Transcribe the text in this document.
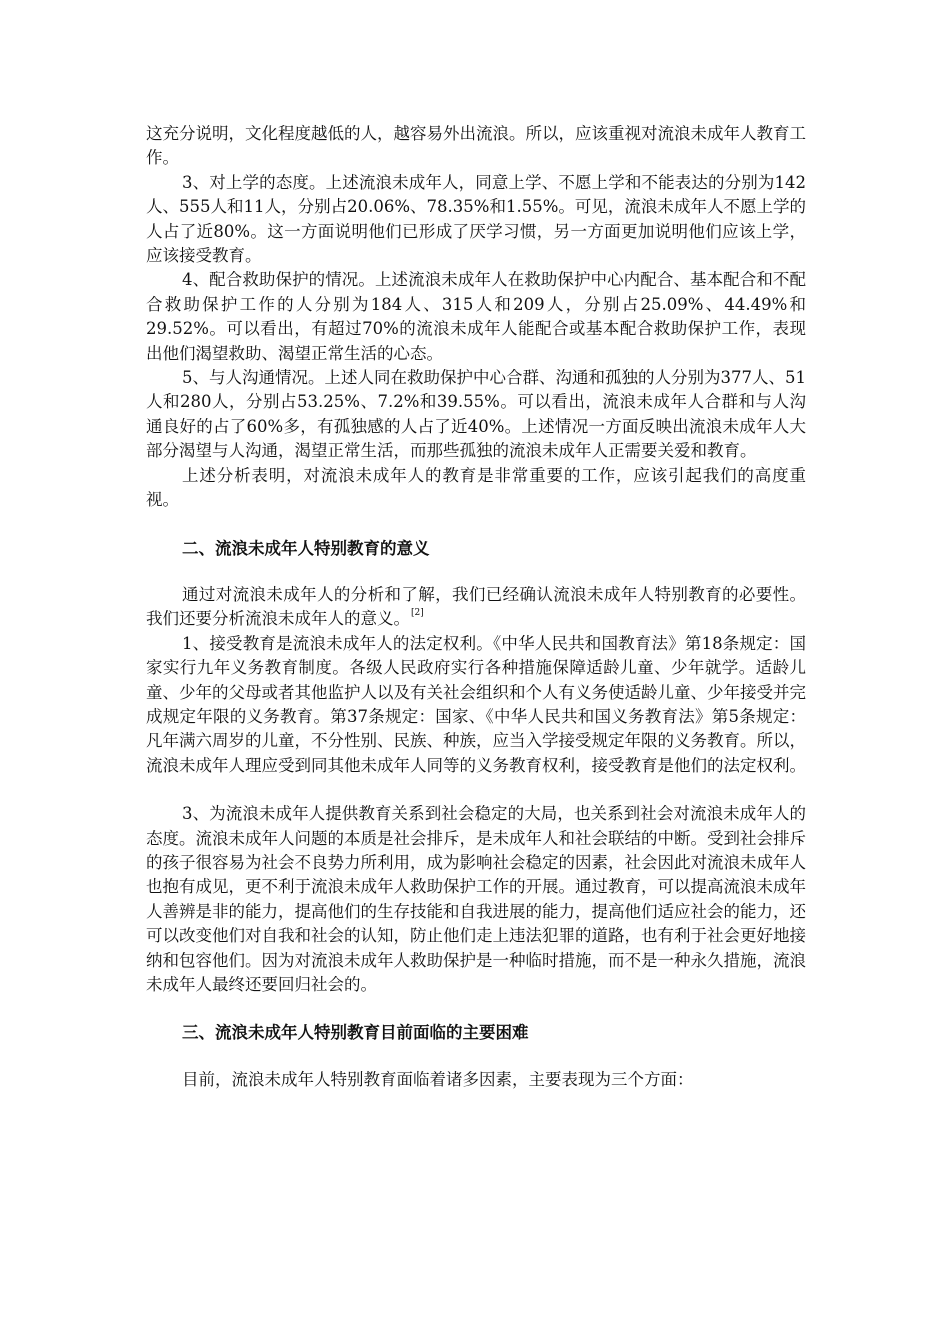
这充分说明，文化程度越低的人，越容易外出流浪。所以，应该重视对流浪未成年人教育工作。

3、对上学的态度。上述流浪未成年人，同意上学、不愿上学和不能表达的分别为142人、555人和11人，分别占20.06%、78.35%和1.55%。可见，流浪未成年人不愿上学的人占了近80%。这一方面说明他们已形成了厌学习惯，另一方面更加说明他们应该上学，应该接受教育。

4、配合救助保护的情况。上述流浪未成年人在救助保护中心内配合、基本配合和不配合救助保护工作的人分别为184人、315人和209人，分别占25.09%、44.49%和29.52%。可以看出，有超过70%的流浪未成年人能配合或基本配合救助保护工作，表现出他们渴望救助、渴望正常生活的心态。

5、与人沟通情况。上述人同在救助保护中心合群、沟通和孤独的人分别为377人、51人和280人，分别占53.25%、7.2%和39.55%。可以看出，流浪未成年人合群和与人沟通良好的占了60%多，有孤独感的人占了近40%。上述情况一方面反映出流浪未成年人大部分渴望与人沟通，渴望正常生活，而那些孤独的流浪未成年人正需要关爱和教育。

上述分析表明，对流浪未成年人的教育是非常重要的工作，应该引起我们的高度重视。

二、流浪未成年人特别教育的意义

通过对流浪未成年人的分析和了解，我们已经确认流浪未成年人特别教育的必要性。我们还要分析流浪未成年人的意义。[2]

1、接受教育是流浪未成年人的法定权利。《中华人民共和国教育法》第18条规定：国家实行九年义务教育制度。各级人民政府实行各种措施保障适龄儿童、少年就学。适龄儿童、少年的父母或者其他监护人以及有关社会组织和个人有义务使适龄儿童、少年接受并完成规定年限的义务教育。第37条规定：国家、《中华人民共和国义务教育法》第5条规定：凡年满六周岁的儿童，不分性别、民族、种族，应当入学接受规定年限的义务教育。所以，流浪未成年人理应受到同其他未成年人同等的义务教育权利，接受教育是他们的法定权利。

3、为流浪未成年人提供教育关系到社会稳定的大局，也关系到社会对流浪未成年人的态度。流浪未成年人问题的本质是社会排斥，是未成年人和社会联结的中断。受到社会排斥的孩子很容易为社会不良势力所利用，成为影响社会稳定的因素，社会因此对流浪未成年人也抱有成见，更不利于流浪未成年人救助保护工作的开展。通过教育，可以提高流浪未成年人善辨是非的能力，提高他们的生存技能和自我进展的能力，提高他们适应社会的能力，还可以改变他们对自我和社会的认知，防止他们走上违法犯罪的道路，也有利于社会更好地接纳和包容他们。因为对流浪未成年人救助保护是一种临时措施，而不是一种永久措施，流浪未成年人最终还要回归社会的。

三、流浪未成年人特别教育目前面临的主要困难

目前，流浪未成年人特别教育面临着诸多因素，主要表现为三个方面：
